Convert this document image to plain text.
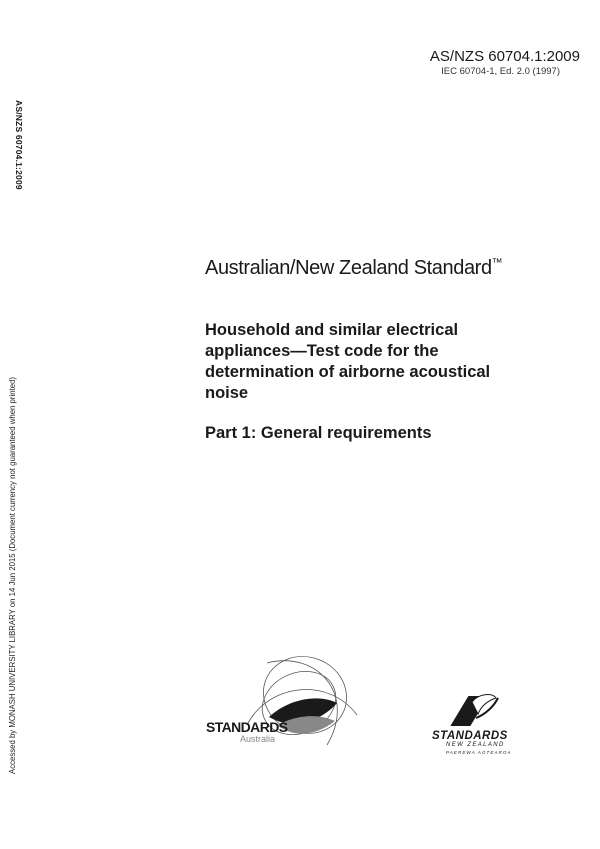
AS/NZS 60704.1:2009
IEC 60704-1, Ed. 2.0 (1997)
AS/NZS 60704.1:2009
Accessed by MONASH UNIVERSITY LIBRARY on 14 Jun 2015 (Document currency not guaranteed when printed)
Australian/New Zealand Standard™
Household and similar electrical appliances—Test code for the determination of airborne acoustical noise
Part 1: General requirements
STANDARDS
Australia	STANDARDS
NEW ZEALAND
PAEREWA AOTEAROA
